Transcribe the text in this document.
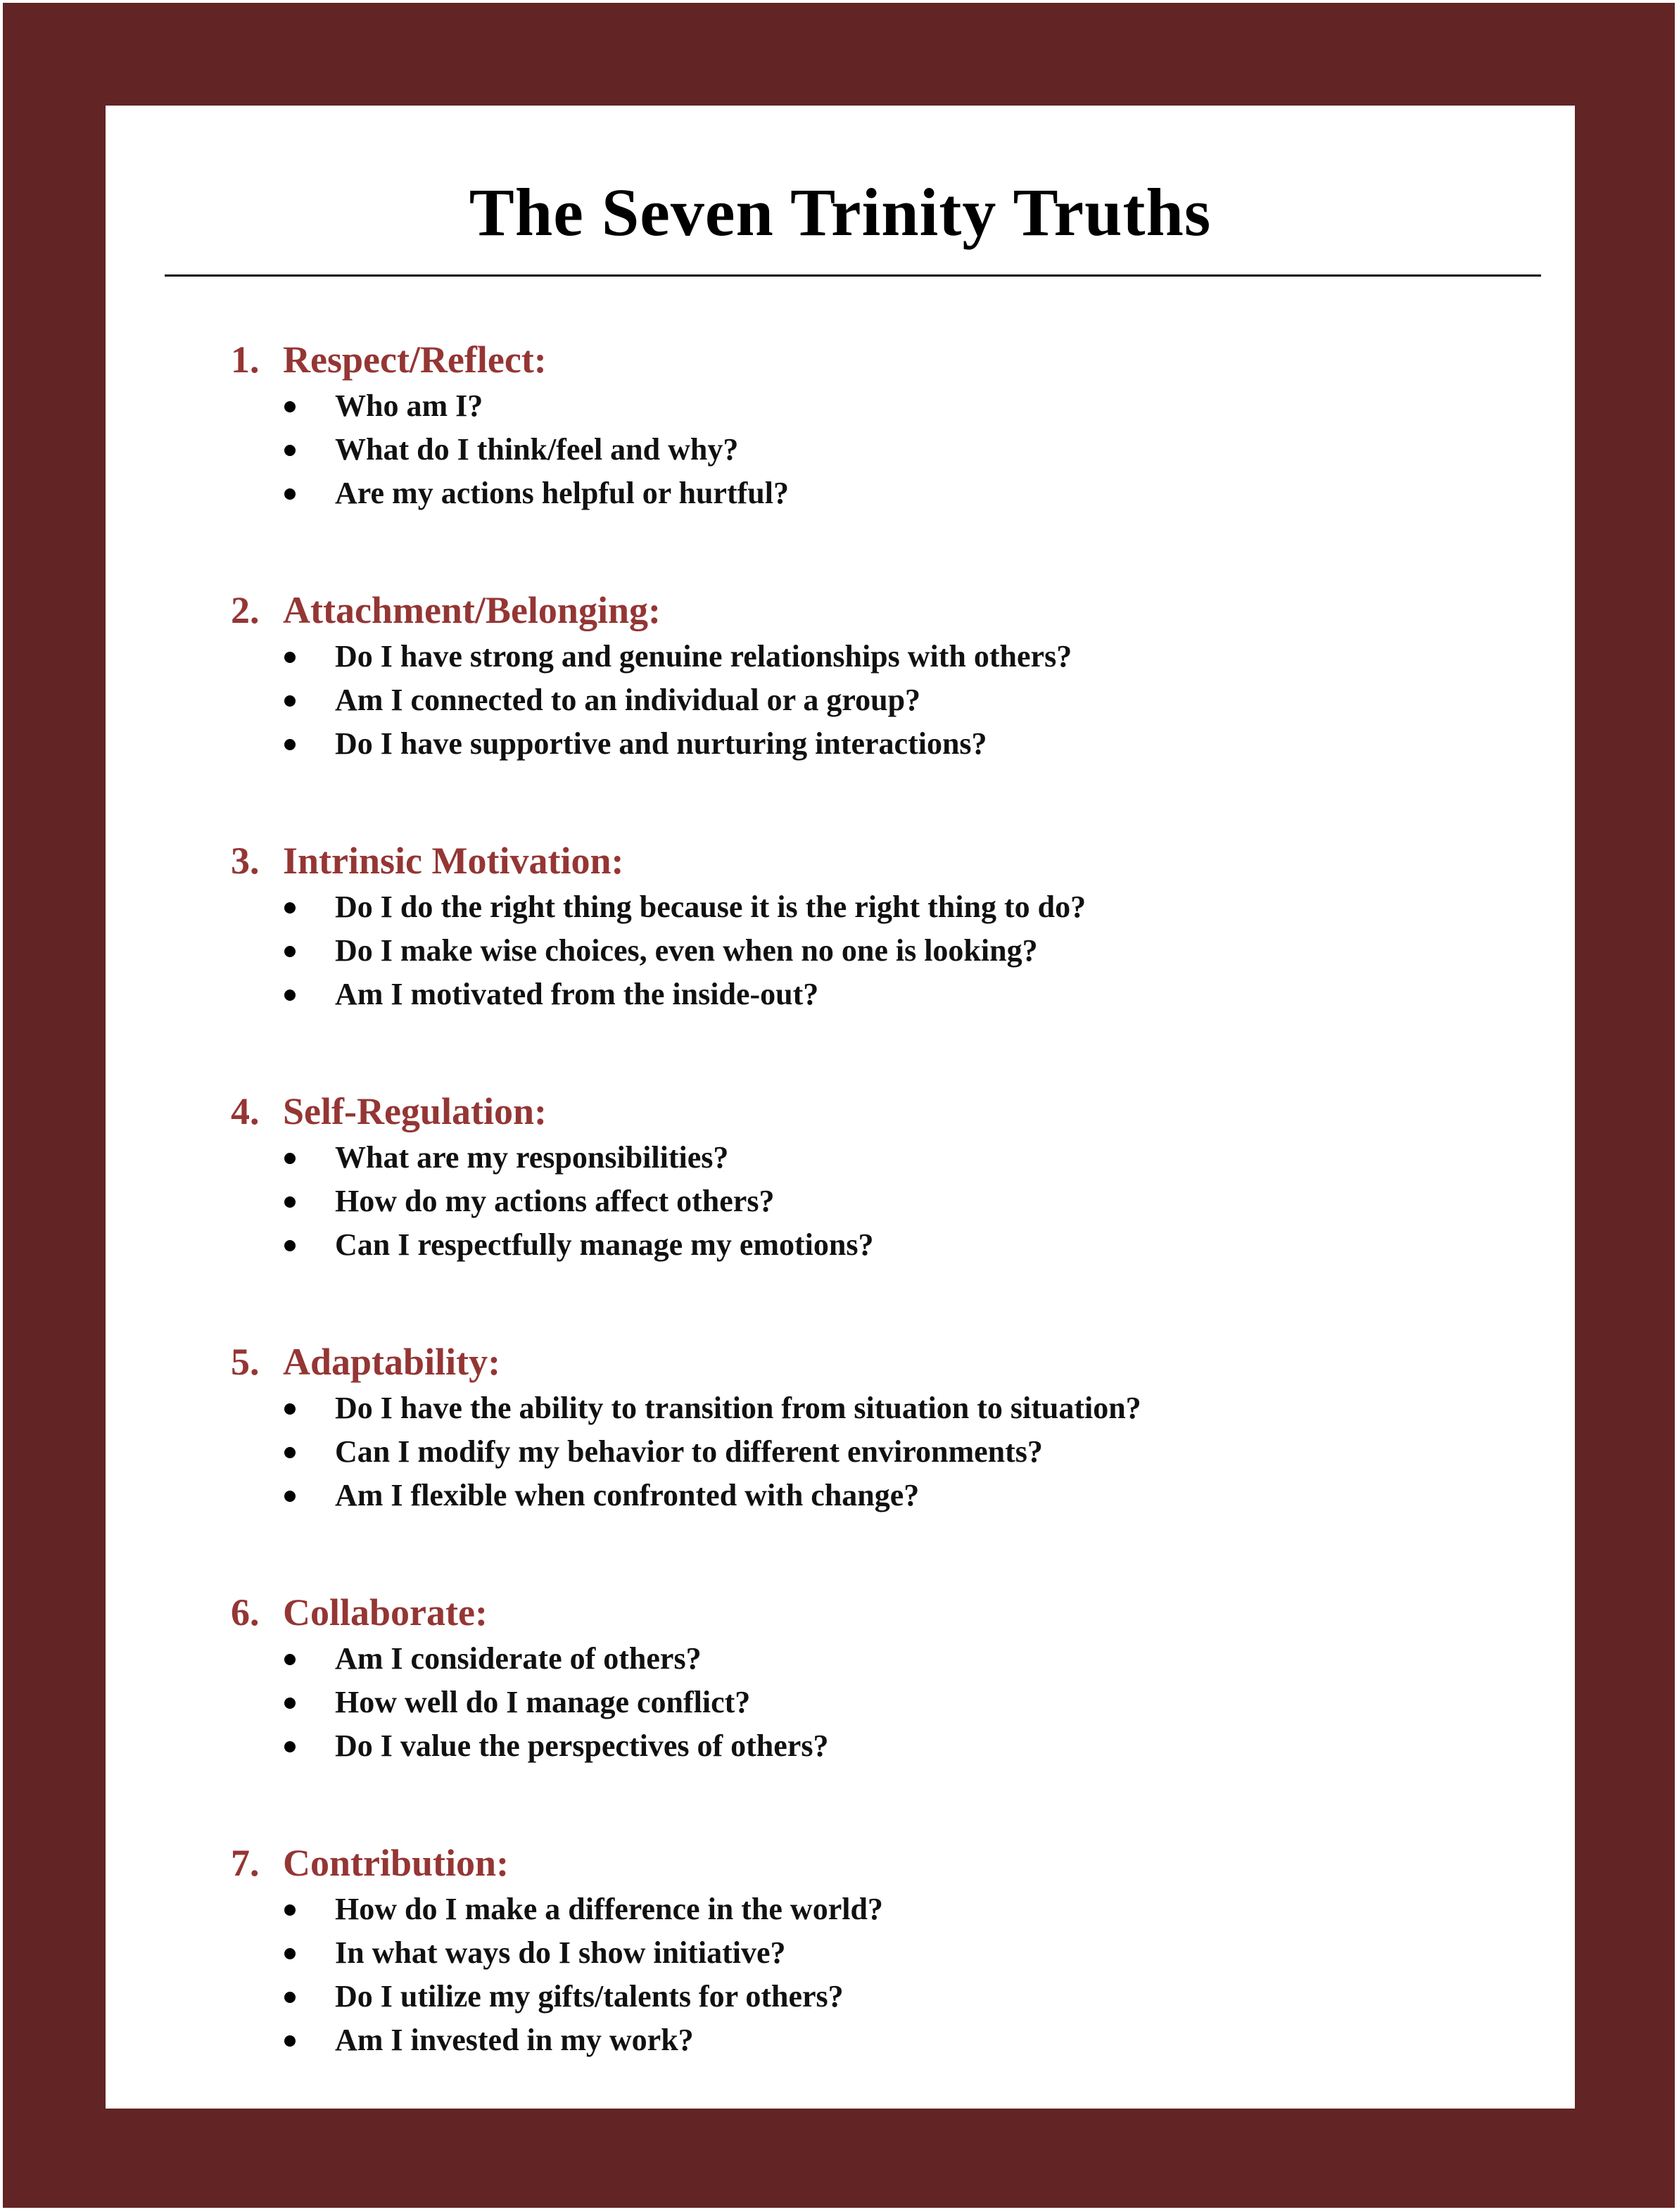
The Seven Trinity Truths
1. Respect/Reflect:
Who am I?
What do I think/feel and why?
Are my actions helpful or hurtful?
2. Attachment/Belonging:
Do I have strong and genuine relationships with others?
Am I connected to an individual or a group?
Do I have supportive and nurturing interactions?
3. Intrinsic Motivation:
Do I do the right thing because it is the right thing to do?
Do I make wise choices, even when no one is looking?
Am I motivated from the inside-out?
4. Self-Regulation:
What are my responsibilities?
How do my actions affect others?
Can I respectfully manage my emotions?
5. Adaptability:
Do I have the ability to transition from situation to situation?
Can I modify my behavior to different environments?
Am I flexible when confronted with change?
6. Collaborate:
Am I considerate of others?
How well do I manage conflict?
Do I value the perspectives of others?
7. Contribution:
How do I make a difference in the world?
In what ways do I show initiative?
Do I utilize my gifts/talents for others?
Am I invested in my work?
